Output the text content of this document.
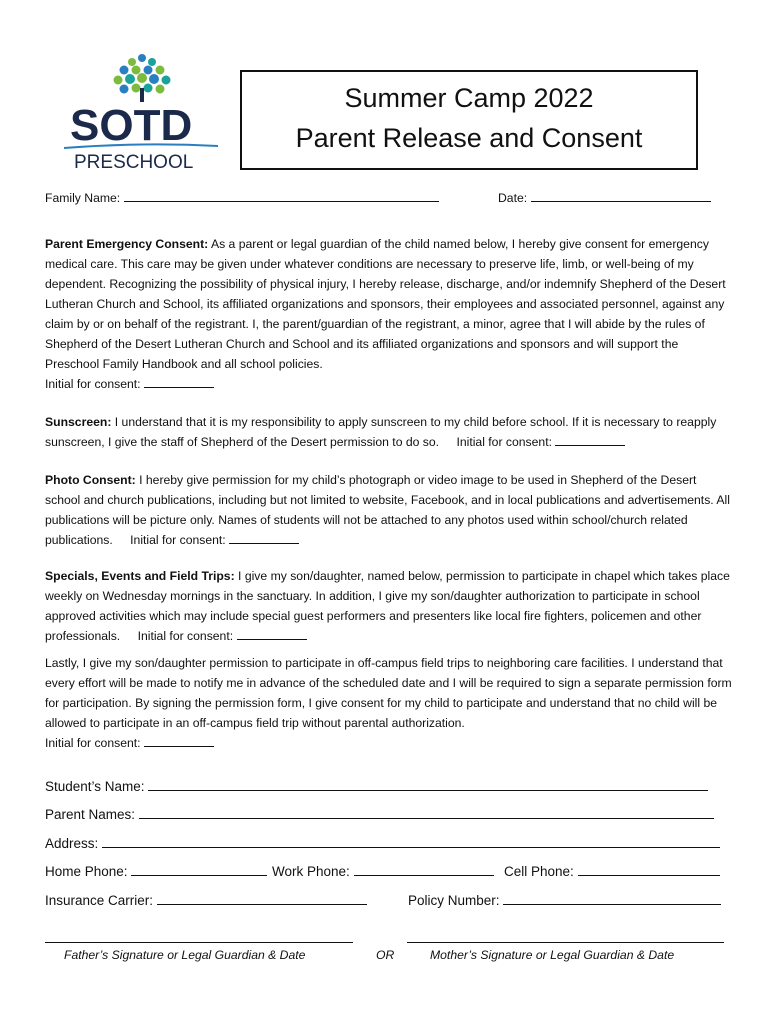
SOTD
PRESCHOOL
Summer Camp 2022
Parent Release and Consent
Family Name:	Date:
Parent Emergency Consent: As a parent or legal guardian of the child named below, I hereby give consent for emergency medical care. This care may be given under whatever conditions are necessary to preserve life, limb, or well-being of my dependent. Recognizing the possibility of physical injury, I hereby release, discharge, and/or indemnify Shepherd of the Desert Lutheran Church and School, its affiliated organizations and sponsors, their employees and associated personnel, against any claim by or on behalf of the registrant. I, the parent/guardian of the registrant, a minor, agree that I will abide by the rules of Shepherd of the Desert Lutheran Church and School and its affiliated organizations and sponsors and will support the Preschool Family Handbook and all school policies.
Initial for consent:
Sunscreen: I understand that it is my responsibility to apply sunscreen to my child before school. If it is necessary to reapply sunscreen, I give the staff of Shepherd of the Desert permission to do so. Initial for consent:
Photo Consent: I hereby give permission for my child’s photograph or video image to be used in Shepherd of the Desert school and church publications, including but not limited to website, Facebook, and in local publications and advertisements. All publications will be picture only. Names of students will not be attached to any photos used within school/church related publications. Initial for consent:
Specials, Events and Field Trips: I give my son/daughter, named below, permission to participate in chapel which takes place weekly on Wednesday mornings in the sanctuary. In addition, I give my son/daughter authorization to participate in school approved activities which may include special guest performers and presenters like local fire fighters, policemen and other professionals. Initial for consent:
Lastly, I give my son/daughter permission to participate in off-campus field trips to neighboring care facilities. I understand that every effort will be made to notify me in advance of the scheduled date and I will be required to sign a separate permission form for participation. By signing the permission form, I give consent for my child to participate and understand that no child will be allowed to participate in an off-campus field trip without parental authorization.
Initial for consent:
Student’s Name:
Parent Names:
Address:
Home Phone:	Work Phone:	Cell Phone:
Insurance Carrier:	Policy Number:
Father’s Signature or Legal Guardian & Date	OR	Mother’s Signature or Legal Guardian & Date
